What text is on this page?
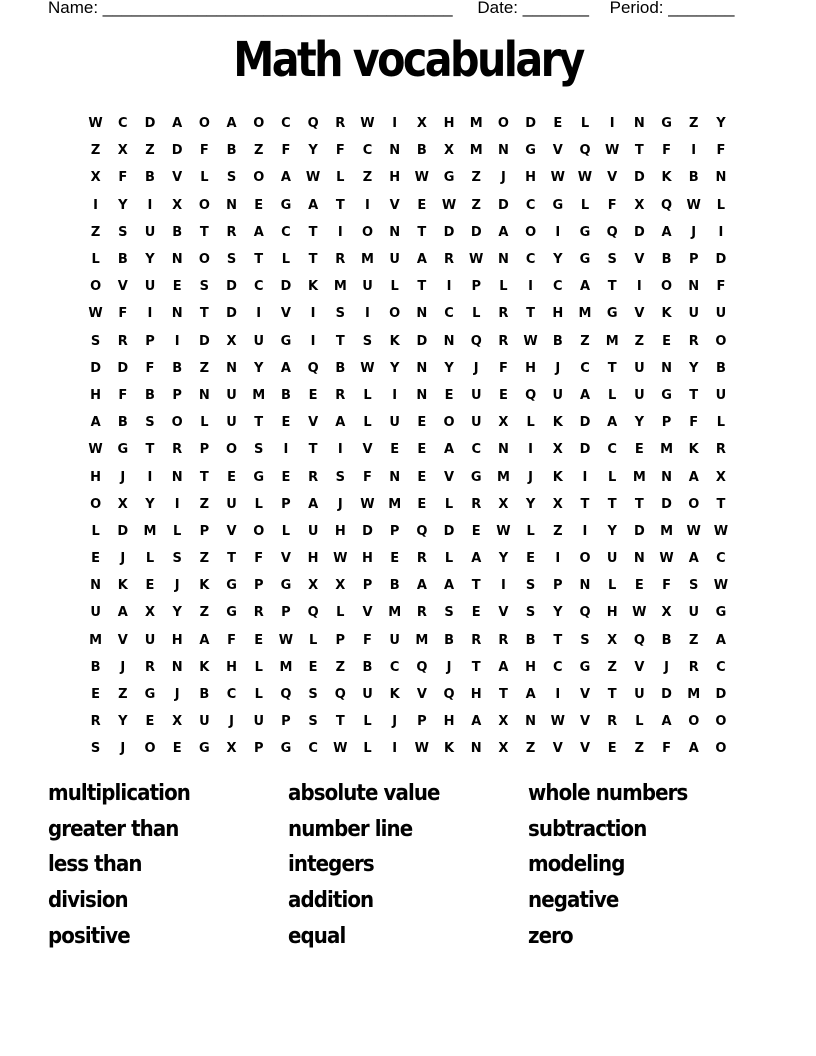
Name: _____________________________________ Date: _______ Period: _______
Math vocabulary
W	C	D	A	O	A	O	C	Q	R	W	I	X	H	M	O	D	E	L	I	N	G	Z	Y
Z	X	Z	D	F	B	Z	F	Y	F	C	N	B	X	M	N	G	V	Q	W	T	F	I	F
X	F	B	V	L	S	O	A	W	L	Z	H	W	G	Z	J	H	W W	V	D	K	B	N
I	Y	I	X	O	N	E	G	A	T	I	V	E	W	Z	D	C	G	L	F	X	Q	W	L
Z	S	U	B	T	R	A	C	T	I	O	N	T	D	D	A	O	I	G	Q	D	A	J	I
L	B	Y	N	O	S	T	L	T	R	M	U	A	R	W	N	C	Y	G	S	V	B	P	D
O	V	U	E	S	D	C	D	K	M	U	L	T	I	P	L	I	C	A	T	I	O	N	F
W	F	I	N	T	D	I	V	I	S	I	O	N	C	L	R	T	H	M	G	V	K	U	U
S	R	P	I	D	X	U	G	I	T	S	K	D	N	Q	R	W	B	Z	M	Z	E	R	O
D	D	F	B	Z	N	Y	A	Q	B	W	Y	N	Y	J	F	H	J	C	T	U	N	Y	B
H	F	B	P	N	U	M	B	E	R	L	I	N	E	U	E	Q	U	A	L	U	G	T	U
A	B	S	O	L	U	T	E	V	A	L	U	E	O	U	X	L	K	D	A	Y	P	F	L
W	G	T	R	P	O	S	I	T	I	V	E	E	A	C	N	I	X	D	C	E	M	K	R
H	J	I	N	T	E	G	E	R	S	F	N	E	V	G	M	J	K	I	L	M	N	A	X
O	X	Y	I	Z	U	L	P	A	J	W	M	E	L	R	X	Y	X	T	T	T	D	O	T
L	D	M	L	P	V	O	L	U	H	D	P	Q	D	E	W	L	Z	I	Y	D	M	W W
E	J	L	S	Z	T	F	V	H	W	H	E	R	L	A	Y	E	I	O	U	N	W	A	C
N	K	E	J	K	G	P	G	X	X	P	B	A	A	T	I	S	P	N	L	E	F	S	W
U	A	X	Y	Z	G	R	P	Q	L	V	M	R	S	E	V	S	Y	Q	H	W	X	U	G
M	V	U	H	A	F	E	W	L	P	F	U	M	B	R	R	B	T	S	X	Q	B	Z	A
B	J	R	N	K	H	L	M	E	Z	B	C	Q	J	T	A	H	C	G	Z	V	J	R	C
E	Z	G	J	B	C	L	Q	S	Q	U	K	V	Q	H	T	A	I	V	T	U	D	M	D
R	Y	E	X	U	J	U	P	S	T	L	J	P	H	A	X	N	W	V	R	L	A	O	O
S	J	O	E	G	X	P	G	C	W	L	I	W	K	N	X	Z	V	V	E	Z	F	A	O
multiplication
greater than
less than
division
positive
absolute value
number line
integers
addition
equal
whole numbers
subtraction
modeling
negative
zero
